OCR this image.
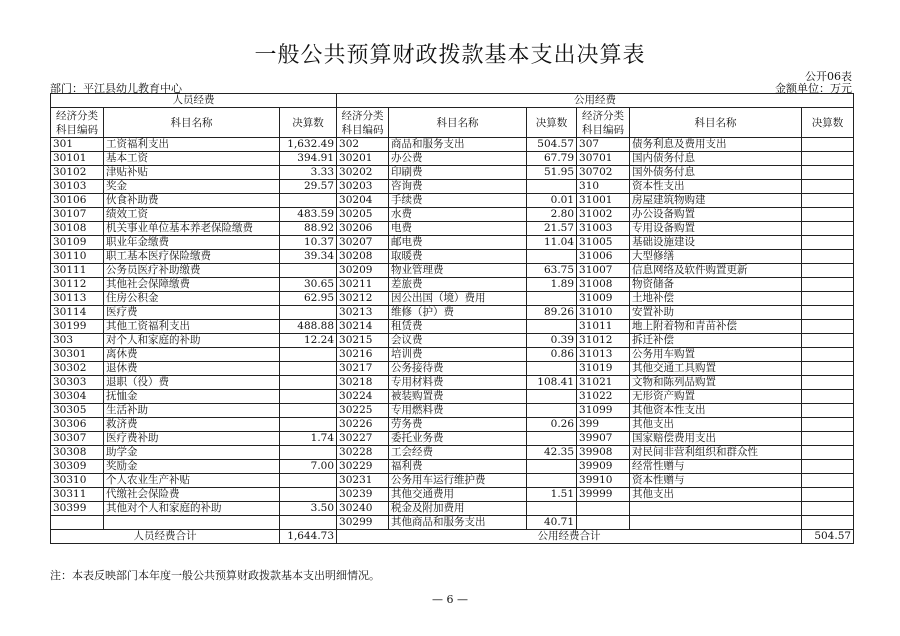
一般公共预算财政拨款基本支出决算表
公开06表
部门：平江县幼儿教育中心	金额单位：万元
人员经费			公用经费					
经济分类科目编码	科目名称	决算数	经济分类科目编码	科目名称	决算数	经济分类科目编码	科目名称	决算数
301	工资福利支出	1,632.49	302	商品和服务支出	504.57	307	债务利息及费用支出	
30101	基本工资	394.91	30201	办公费	67.79	30701	国内债务付息	
30102	津贴补贴	3.33	30202	印刷费	51.95	30702	国外债务付息	
30103	奖金	29.57	30203	咨询费		310	资本性支出	
30106	伙食补助费		30204	手续费	0.01	31001	房屋建筑物购建	
30107	绩效工资	483.59	30205	水费	2.80	31002	办公设备购置	
30108	机关事业单位基本养老保险缴费	88.92	30206	电费	21.57	31003	专用设备购置	
30109	职业年金缴费	10.37	30207	邮电费	11.04	31005	基础设施建设	
30110	职工基本医疗保险缴费	39.34	30208	取暖费		31006	大型修缮	
30111	公务员医疗补助缴费		30209	物业管理费	63.75	31007	信息网络及软件购置更新	
30112	其他社会保障缴费	30.65	30211	差旅费	1.89	31008	物资储备	
30113	住房公积金	62.95	30212	因公出国（境）费用		31009	土地补偿	
30114	医疗费		30213	维修（护）费	89.26	31010	安置补助	
30199	其他工资福利支出	488.88	30214	租赁费		31011	地上附着物和青苗补偿	
303	对个人和家庭的补助	12.24	30215	会议费	0.39	31012	拆迁补偿	
30301	离休费		30216	培训费	0.86	31013	公务用车购置	
30302	退休费		30217	公务接待费		31019	其他交通工具购置	
30303	退职（役）费		30218	专用材料费	108.41	31021	文物和陈列品购置	
30304	抚恤金		30224	被装购置费		31022	无形资产购置	
30305	生活补助		30225	专用燃料费		31099	其他资本性支出	
30306	救济费		30226	劳务费	0.26	399	其他支出	
30307	医疗费补助	1.74	30227	委托业务费		39907	国家赔偿费用支出	
30308	助学金		30228	工会经费	42.35	39908	对民间非营利组织和群众性	
30309	奖励金	7.00	30229	福利费		39909	经常性赠与	
30310	个人农业生产补贴		30231	公务用车运行维护费		39910	资本性赠与	
30311	代缴社会保险费		30239	其他交通费用	1.51	39999	其他支出	
30399	其他对个人和家庭的补助	3.50	30240	税金及附加费用				
			30299	其他商品和服务支出	40.71			
人员经费合计		1,644.73	公用经费合计					504.57
注：本表反映部门本年度一般公共预算财政拨款基本支出明细情况。
— 6 —
